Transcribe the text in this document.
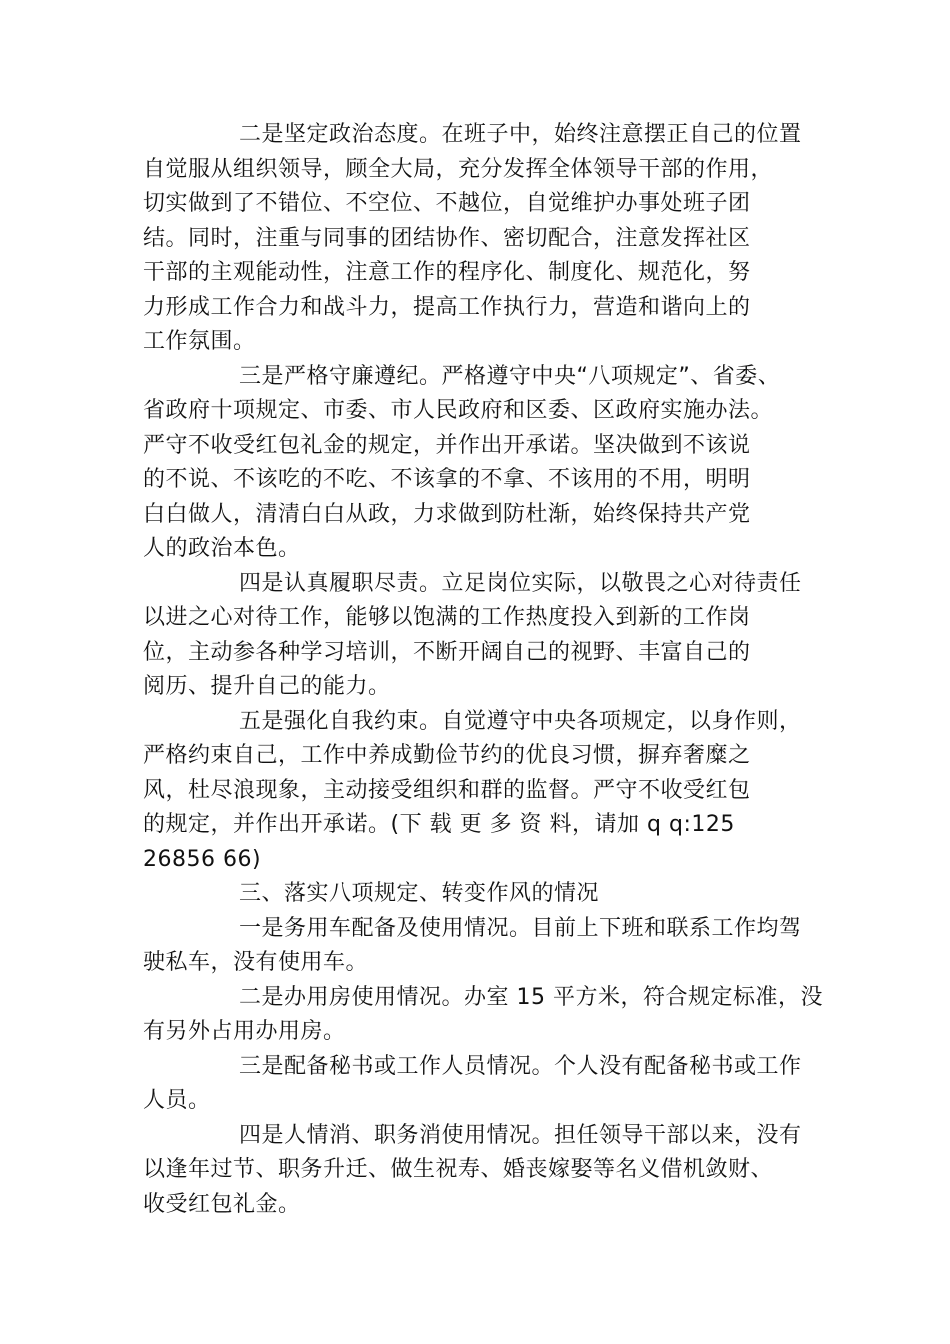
二是坚定政治态度。在班子中，始终注意摆正自己的位置
自觉服从组织领导，顾全大局，充分发挥全体领导干部的作用，
切实做到了不错位、不空位、不越位，自觉维护办事处班子团
结。同时，注重与同事的团结协作、密切配合，注意发挥社区
干部的主观能动性，注意工作的程序化、制度化、规范化，努
力形成工作合力和战斗力，提高工作执行力，营造和谐向上的
工作氛围。
三是严格守廉遵纪。严格遵守中央“八项规定”、省委、
省政府十项规定、市委、市人民政府和区委、区政府实施办法。
严守不收受红包礼金的规定，并作出开承诺。坚决做到不该说
的不说、不该吃的不吃、不该拿的不拿、不该用的不用，明明
白白做人，清清白白从政，力求做到防杜渐，始终保持共产党
人的政治本色。
四是认真履职尽责。立足岗位实际，以敬畏之心对待责任
以进之心对待工作，能够以饱满的工作热度投入到新的工作岗
位，主动参各种学习培训，不断开阔自己的视野、丰富自己的
阅历、提升自己的能力。
五是强化自我约束。自觉遵守中央各项规定，以身作则，
严格约束自己，工作中养成勤俭节约的优良习惯，摒弃奢糜之
风，杜尽浪现象，主动接受组织和群的监督。严守不收受红包
的规定，并作出开承诺。(下 载 更 多 资 料，请加 q q:125
26856 66)
三、落实八项规定、转变作风的情况
一是务用车配备及使用情况。目前上下班和联系工作均驾
驶私车，没有使用车。
二是办用房使用情况。办室 15 平方米，符合规定标准，没
有另外占用办用房。
三是配备秘书或工作人员情况。个人没有配备秘书或工作
人员。
四是人情消、职务消使用情况。担任领导干部以来，没有
以逢年过节、职务升迁、做生祝寿、婚丧嫁娶等名义借机敛财、
收受红包礼金。
